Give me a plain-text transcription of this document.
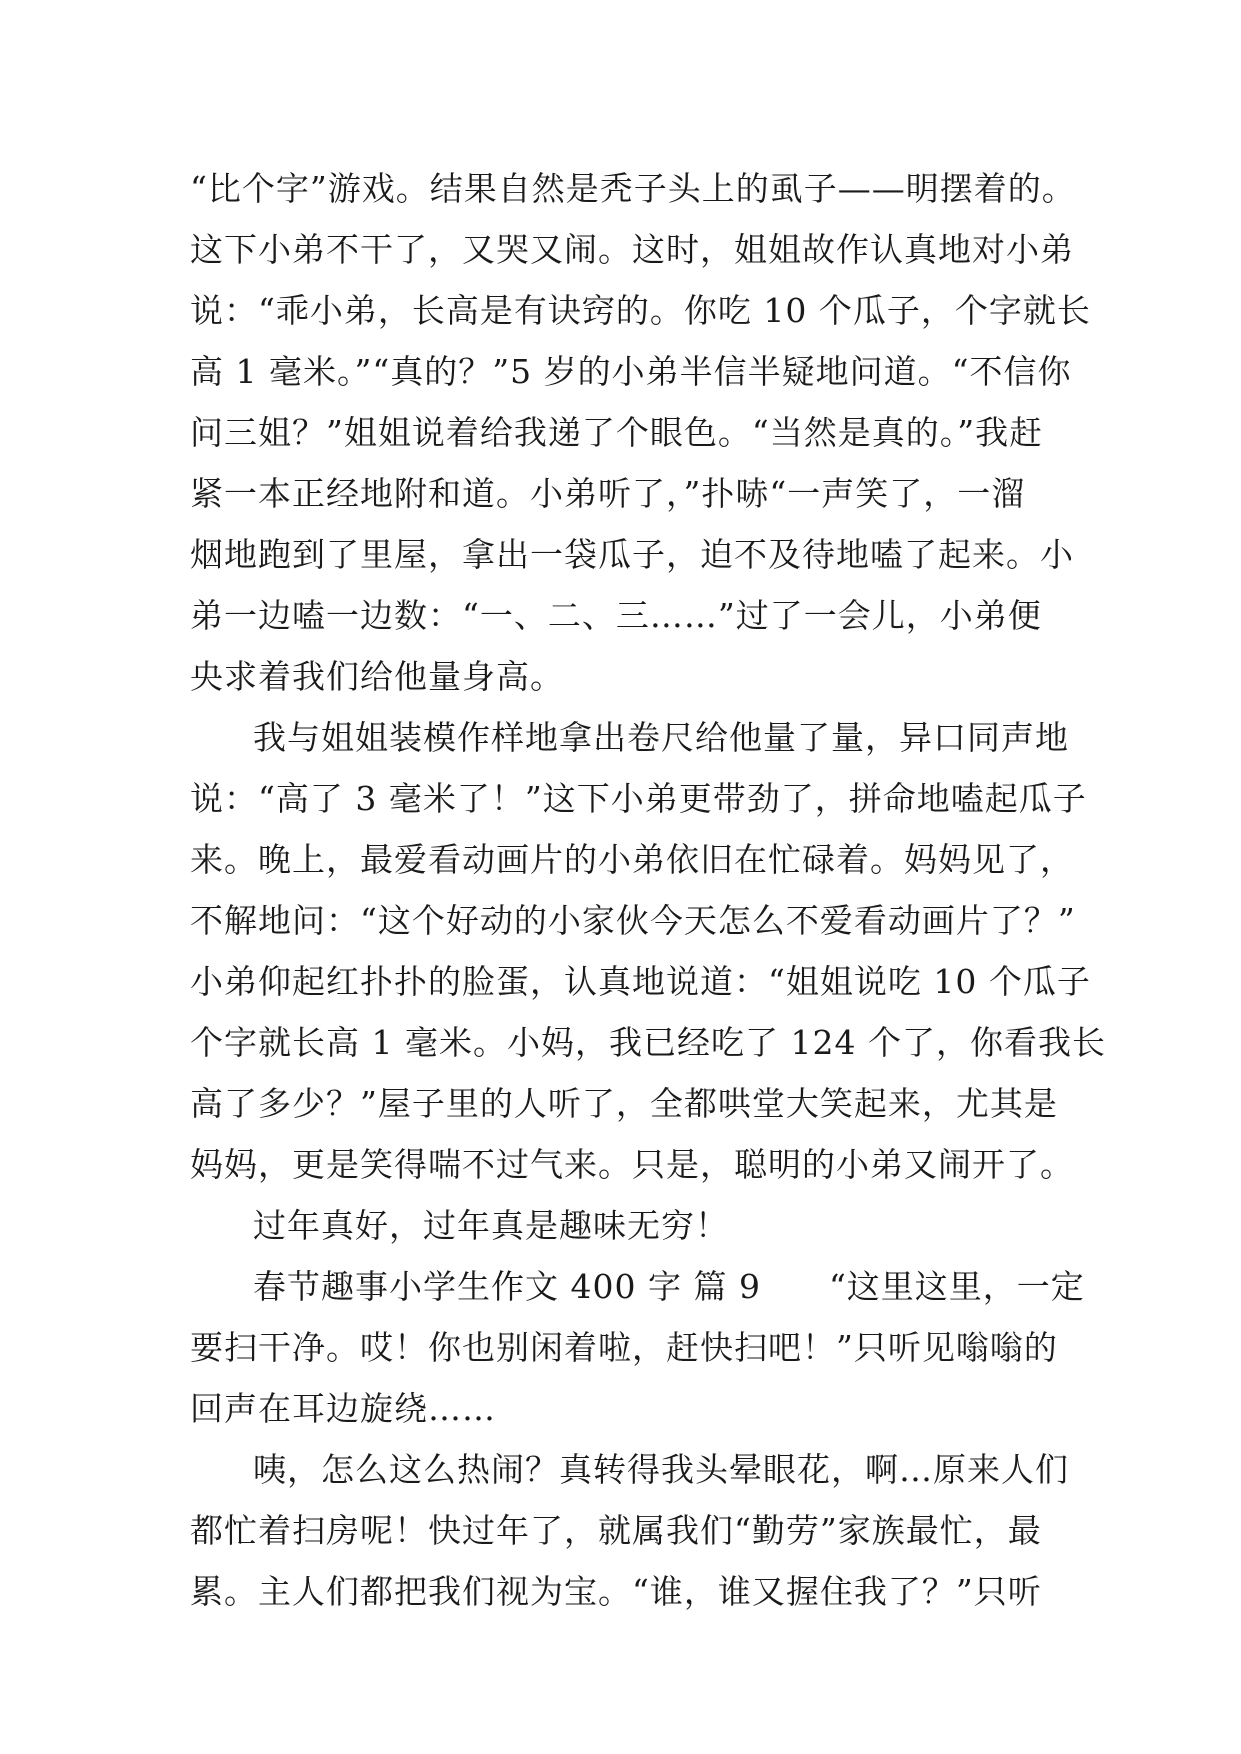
“比个字”游戏。结果自然是秃子头上的虱子——明摆着的。
这下小弟不干了，又哭又闹。这时，姐姐故作认真地对小弟
说：“乖小弟，长高是有诀窍的。你吃 10 个瓜子，个字就长
高 1 毫米。”“真的？”5 岁的小弟半信半疑地问道。“不信你
问三姐？”姐姐说着给我递了个眼色。“当然是真的。”我赶
紧一本正经地附和道。小弟听了，”扑哧“一声笑了，一溜
烟地跑到了里屋，拿出一袋瓜子，迫不及待地嗑了起来。小
弟一边嗑一边数：“一、二、三……”过了一会儿，小弟便
央求着我们给他量身高。
我与姐姐装模作样地拿出卷尺给他量了量，异口同声地
说：“高了 3 毫米了！”这下小弟更带劲了，拼命地嗑起瓜子
来。晚上，最爱看动画片的小弟依旧在忙碌着。妈妈见了，
不解地问：“这个好动的小家伙今天怎么不爱看动画片了？”
小弟仰起红扑扑的脸蛋，认真地说道：“姐姐说吃 10 个瓜子
个字就长高 1 毫米。小妈，我已经吃了 124 个了，你看我长
高了多少？”屋子里的人听了，全都哄堂大笑起来，尤其是
妈妈，更是笑得喘不过气来。只是，聪明的小弟又闹开了。
过年真好，过年真是趣味无穷！
春节趣事小学生作文 400 字 篇 9　　“这里这里，一定
要扫干净。哎！你也别闲着啦，赶快扫吧！”只听见嗡嗡的
回声在耳边旋绕……
咦，怎么这么热闹？真转得我头晕眼花，啊…原来人们
都忙着扫房呢！快过年了，就属我们“勤劳”家族最忙，最
累。主人们都把我们视为宝。“谁，谁又握住我了？”只听
